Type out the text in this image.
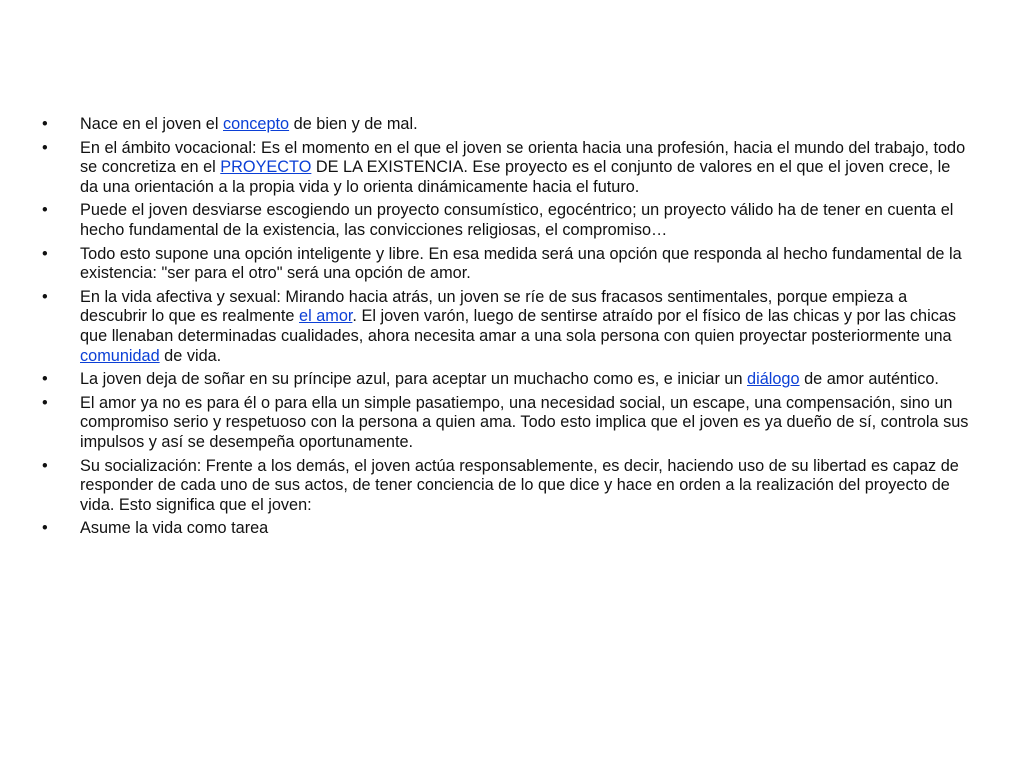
•	Nace en el joven el concepto de bien y de mal.
•	En el ámbito vocacional: Es el momento en el que el joven se orienta hacia una profesión, hacia el mundo del trabajo, todo se concretiza en el PROYECTO DE LA EXISTENCIA. Ese proyecto es el conjunto de valores en el que el joven crece, le da una orientación a la propia vida y lo orienta dinámicamente hacia el futuro.
•	Puede el joven desviarse escogiendo un proyecto consumístico, egocéntrico; un proyecto válido ha de tener en cuenta el hecho fundamental de la existencia, las convicciones religiosas, el compromiso…
•	Todo esto supone una opción inteligente y libre. En esa medida será una opción que responda al hecho fundamental de la existencia: "ser para el otro" será una opción de amor.
•	En la vida afectiva y sexual: Mirando hacia atrás, un joven se ríe de sus fracasos sentimentales, porque empieza a descubrir lo que es realmente el amor. El joven varón, luego de sentirse atraído por el físico de las chicas y por las chicas que llenaban determinadas cualidades, ahora necesita amar a una sola persona con quien proyectar posteriormente una comunidad de vida.
•	La joven deja de soñar en su príncipe azul, para aceptar un muchacho como es, e iniciar un diálogo de amor auténtico.
•	El amor ya no es para él o para ella un simple pasatiempo, una necesidad social, un escape, una compensación, sino un compromiso serio y respetuoso con la persona a quien ama. Todo esto implica que el joven es ya dueño de sí, controla sus impulsos y así se desempeña oportunamente.
•	Su socialización: Frente a los demás, el joven actúa responsablemente, es decir, haciendo uso de su libertad es capaz de responder de cada uno de sus actos, de tener conciencia de lo que dice y hace en orden a la realización del proyecto de vida. Esto significa que el joven:
•	Asume la vida como tarea
